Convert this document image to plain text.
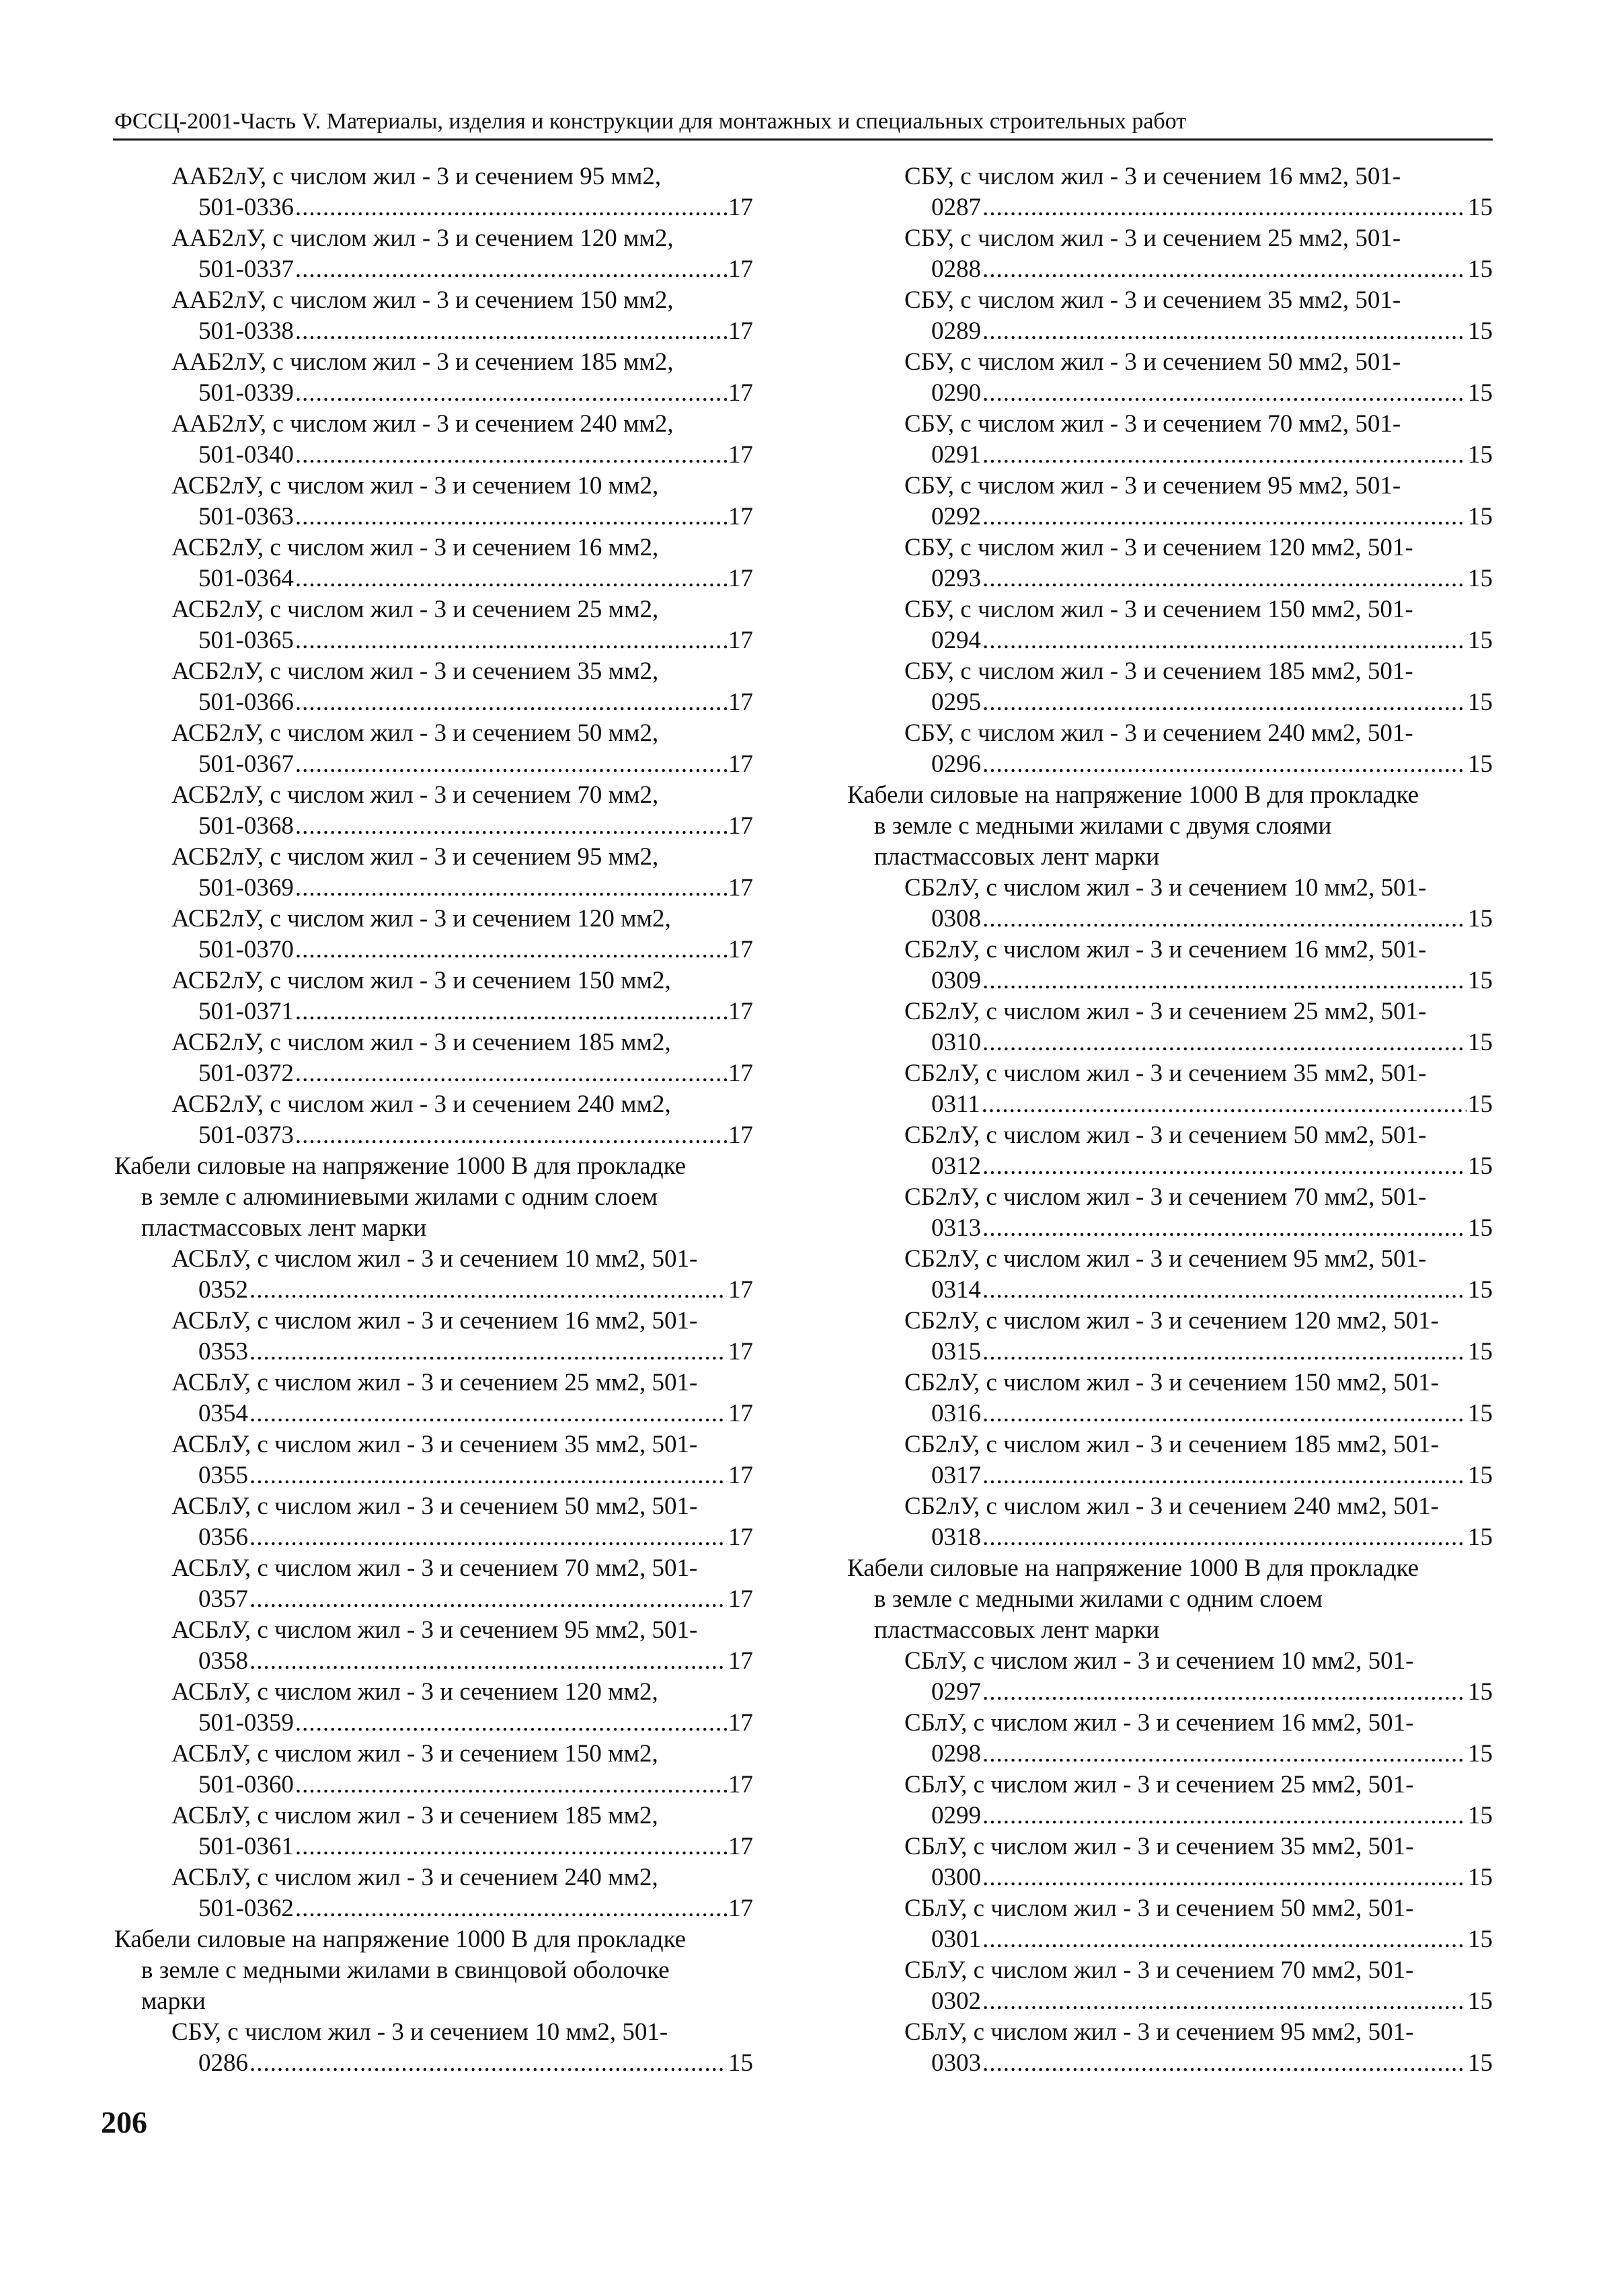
ФССЦ-2001-Часть V. Материалы, изделия и конструкции для монтажных и специальных строительных работ
ААБ2лУ, с числом жил - 3 и сечением 95 мм2,
501-0336 .....	17
ААБ2лУ, с числом жил - 3 и сечением 120 мм2,
501-0337 .....	17
ААБ2лУ, с числом жил - 3 и сечением 150 мм2,
501-0338 .....	17
ААБ2лУ, с числом жил - 3 и сечением 185 мм2,
501-0339 .....	17
ААБ2лУ, с числом жил - 3 и сечением 240 мм2,
501-0340 .....	17
АСБ2лУ, с числом жил - 3 и сечением 10 мм2,
501-0363 .....	17
АСБ2лУ, с числом жил - 3 и сечением 16 мм2,
501-0364 .....	17
АСБ2лУ, с числом жил - 3 и сечением 25 мм2,
501-0365 .....	17
АСБ2лУ, с числом жил - 3 и сечением 35 мм2,
501-0366 .....	17
АСБ2лУ, с числом жил - 3 и сечением 50 мм2,
501-0367 .....	17
АСБ2лУ, с числом жил - 3 и сечением 70 мм2,
501-0368 .....	17
АСБ2лУ, с числом жил - 3 и сечением 95 мм2,
501-0369 .....	17
АСБ2лУ, с числом жил - 3 и сечением 120 мм2,
501-0370 .....	17
АСБ2лУ, с числом жил - 3 и сечением 150 мм2,
501-0371 .....	17
АСБ2лУ, с числом жил - 3 и сечением 185 мм2,
501-0372 .....	17
АСБ2лУ, с числом жил - 3 и сечением 240 мм2,
501-0373 .....	17
Кабели силовые на напряжение 1000 В для прокладке
в земле с алюминиевыми жилами с одним слоем
пластмассовых лент марки
АСБлУ, с числом жил - 3 и сечением 10 мм2, 501-
0352 .....	17
АСБлУ, с числом жил - 3 и сечением 16 мм2, 501-
0353 .....	17
АСБлУ, с числом жил - 3 и сечением 25 мм2, 501-
0354 .....	17
АСБлУ, с числом жил - 3 и сечением 35 мм2, 501-
0355 .....	17
АСБлУ, с числом жил - 3 и сечением 50 мм2, 501-
0356 .....	17
АСБлУ, с числом жил - 3 и сечением 70 мм2, 501-
0357 .....	17
АСБлУ, с числом жил - 3 и сечением 95 мм2, 501-
0358 .....	17
АСБлУ, с числом жил - 3 и сечением 120 мм2,
501-0359 .....	17
АСБлУ, с числом жил - 3 и сечением 150 мм2,
501-0360 .....	17
АСБлУ, с числом жил - 3 и сечением 185 мм2,
501-0361 .....	17
АСБлУ, с числом жил - 3 и сечением 240 мм2,
501-0362 .....	17
Кабели силовые на напряжение 1000 В для прокладке
в земле с медными жилами в свинцовой оболочке
марки
СБУ, с числом жил - 3 и сечением 10 мм2, 501-
0286 .....	15
СБУ, с числом жил - 3 и сечением 16 мм2, 501-
0287 .....	15
СБУ, с числом жил - 3 и сечением 25 мм2, 501-
0288 .....	15
СБУ, с числом жил - 3 и сечением 35 мм2, 501-
0289 .....	15
СБУ, с числом жил - 3 и сечением 50 мм2, 501-
0290 .....	15
СБУ, с числом жил - 3 и сечением 70 мм2, 501-
0291 .....	15
СБУ, с числом жил - 3 и сечением 95 мм2, 501-
0292 .....	15
СБУ, с числом жил - 3 и сечением 120 мм2, 501-
0293 .....	15
СБУ, с числом жил - 3 и сечением 150 мм2, 501-
0294 .....	15
СБУ, с числом жил - 3 и сечением 185 мм2, 501-
0295 .....	15
СБУ, с числом жил - 3 и сечением 240 мм2, 501-
0296 .....	15
Кабели силовые на напряжение 1000 В для прокладке
в земле с медными жилами с двумя слоями
пластмассовых лент марки
СБ2лУ, с числом жил - 3 и сечением 10 мм2, 501-
0308 .....	15
СБ2лУ, с числом жил - 3 и сечением 16 мм2, 501-
0309 .....	15
СБ2лУ, с числом жил - 3 и сечением 25 мм2, 501-
0310 .....	15
СБ2лУ, с числом жил - 3 и сечением 35 мм2, 501-
0311 .....	15
СБ2лУ, с числом жил - 3 и сечением 50 мм2, 501-
0312 .....	15
СБ2лУ, с числом жил - 3 и сечением 70 мм2, 501-
0313 .....	15
СБ2лУ, с числом жил - 3 и сечением 95 мм2, 501-
0314 .....	15
СБ2лУ, с числом жил - 3 и сечением 120 мм2, 501-
0315 .....	15
СБ2лУ, с числом жил - 3 и сечением 150 мм2, 501-
0316 .....	15
СБ2лУ, с числом жил - 3 и сечением 185 мм2, 501-
0317 .....	15
СБ2лУ, с числом жил - 3 и сечением 240 мм2, 501-
0318 .....	15
Кабели силовые на напряжение 1000 В для прокладке
в земле с медными жилами с одним слоем
пластмассовых лент марки
СБлУ, с числом жил - 3 и сечением 10 мм2, 501-
0297 .....	15
СБлУ, с числом жил - 3 и сечением 16 мм2, 501-
0298 .....	15
СБлУ, с числом жил - 3 и сечением 25 мм2, 501-
0299 .....	15
СБлУ, с числом жил - 3 и сечением 35 мм2, 501-
0300 .....	15
СБлУ, с числом жил - 3 и сечением 50 мм2, 501-
0301 .....	15
СБлУ, с числом жил - 3 и сечением 70 мм2, 501-
0302 .....	15
СБлУ, с числом жил - 3 и сечением 95 мм2, 501-
0303 .....	15
206
